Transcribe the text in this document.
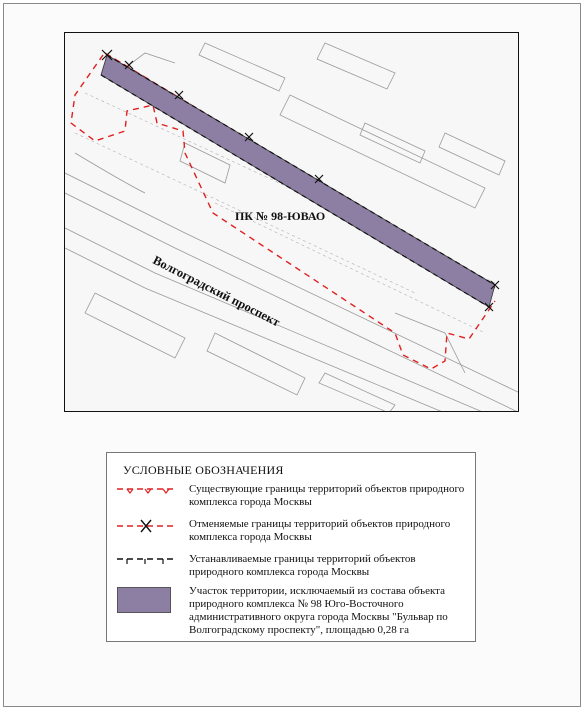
ПК № 98-ЮВАО
Волгоградский проспект
УСЛОВНЫЕ ОБОЗНАЧЕНИЯ
Существующие границы территорий объектов природного комплекса города Москвы
Отменяемые границы территорий объектов природного комплекса города Москвы
Устанавливаемые границы территорий объектов природного комплекса города Москвы
Участок территории, исключаемый из состава объекта природного комплекса № 98 Юго-Восточного административного округа города Москвы "Бульвар по Волгоградскому проспекту", площадью 0,28 га
